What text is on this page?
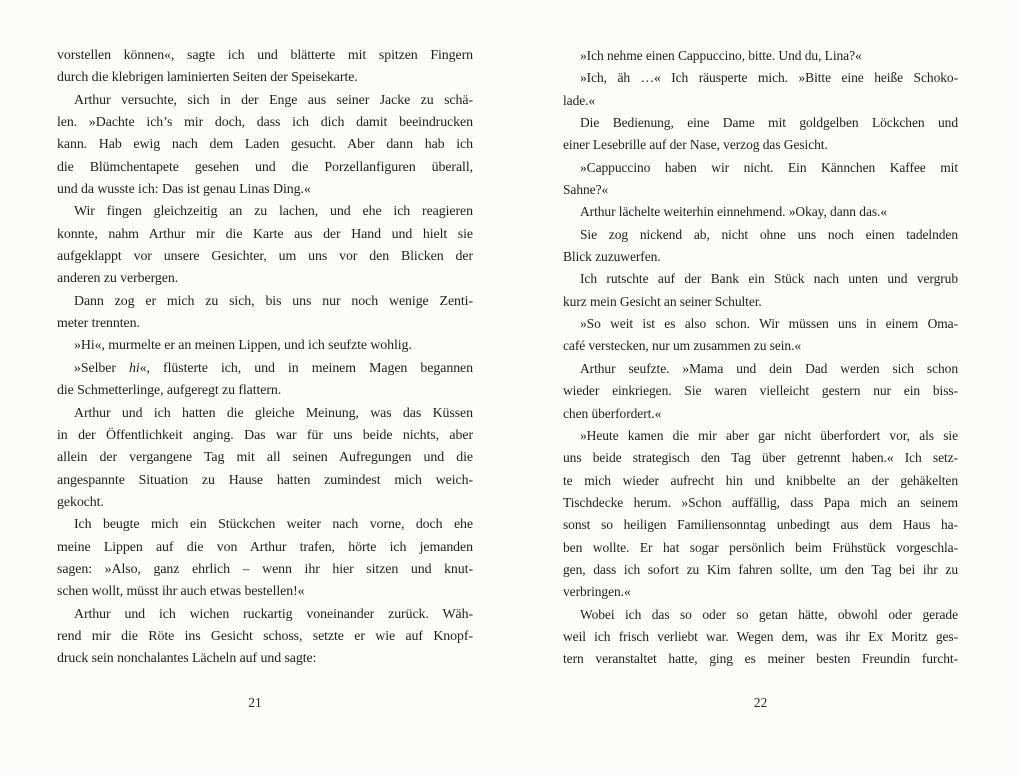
vorstellen können«, sagte ich und blätterte mit spitzen Fingern
durch die klebrigen laminierten Seiten der Speisekarte.
Arthur versuchte, sich in der Enge aus seiner Jacke zu schä-
len. »Dachte ich’s mir doch, dass ich dich damit beeindrucken
kann. Hab ewig nach dem Laden gesucht. Aber dann hab ich
die Blümchentapete gesehen und die Porzellanfiguren überall,
und da wusste ich: Das ist genau Linas Ding.«
Wir fingen gleichzeitig an zu lachen, und ehe ich reagieren
konnte, nahm Arthur mir die Karte aus der Hand und hielt sie
aufgeklappt vor unsere Gesichter, um uns vor den Blicken der
anderen zu verbergen.
Dann zog er mich zu sich, bis uns nur noch wenige Zenti-
meter trennten.
»Hi«, murmelte er an meinen Lippen, und ich seufzte wohlig.
»Selber hi«, flüsterte ich, und in meinem Magen begannen
die Schmetterlinge, aufgeregt zu flattern.
Arthur und ich hatten die gleiche Meinung, was das Küssen
in der Öffentlichkeit anging. Das war für uns beide nichts, aber
allein der vergangene Tag mit all seinen Aufregungen und die
angespannte Situation zu Hause hatten zumindest mich weich-
gekocht.
Ich beugte mich ein Stückchen weiter nach vorne, doch ehe
meine Lippen auf die von Arthur trafen, hörte ich jemanden
sagen: »Also, ganz ehrlich – wenn ihr hier sitzen und knut-
schen wollt, müsst ihr auch etwas bestellen!«
Arthur und ich wichen ruckartig voneinander zurück. Wäh-
rend mir die Röte ins Gesicht schoss, setzte er wie auf Knopf-
druck sein nonchalantes Lächeln auf und sagte:
»Ich nehme einen Cappuccino, bitte. Und du, Lina?«
»Ich, äh …« Ich räusperte mich. »Bitte eine heiße Schoko-
lade.«
Die Bedienung, eine Dame mit goldgelben Löckchen und
einer Lesebrille auf der Nase, verzog das Gesicht.
»Cappuccino haben wir nicht. Ein Kännchen Kaffee mit
Sahne?«
Arthur lächelte weiterhin einnehmend. »Okay, dann das.«
Sie zog nickend ab, nicht ohne uns noch einen tadelnden
Blick zuzuwerfen.
Ich rutschte auf der Bank ein Stück nach unten und vergrub
kurz mein Gesicht an seiner Schulter.
»So weit ist es also schon. Wir müssen uns in einem Oma-
café verstecken, nur um zusammen zu sein.«
Arthur seufzte. »Mama und dein Dad werden sich schon
wieder einkriegen. Sie waren vielleicht gestern nur ein biss-
chen überfordert.«
»Heute kamen die mir aber gar nicht überfordert vor, als sie
uns beide strategisch den Tag über getrennt haben.« Ich setz-
te mich wieder aufrecht hin und knibbelte an der gehäkelten
Tischdecke herum. »Schon auffällig, dass Papa mich an seinem
sonst so heiligen Familiensonntag unbedingt aus dem Haus ha-
ben wollte. Er hat sogar persönlich beim Frühstück vorgeschla-
gen, dass ich sofort zu Kim fahren sollte, um den Tag bei ihr zu
verbringen.«
Wobei ich das so oder so getan hätte, obwohl oder gerade
weil ich frisch verliebt war. Wegen dem, was ihr Ex Moritz ges-
tern veranstaltet hatte, ging es meiner besten Freundin furcht-
21	22
